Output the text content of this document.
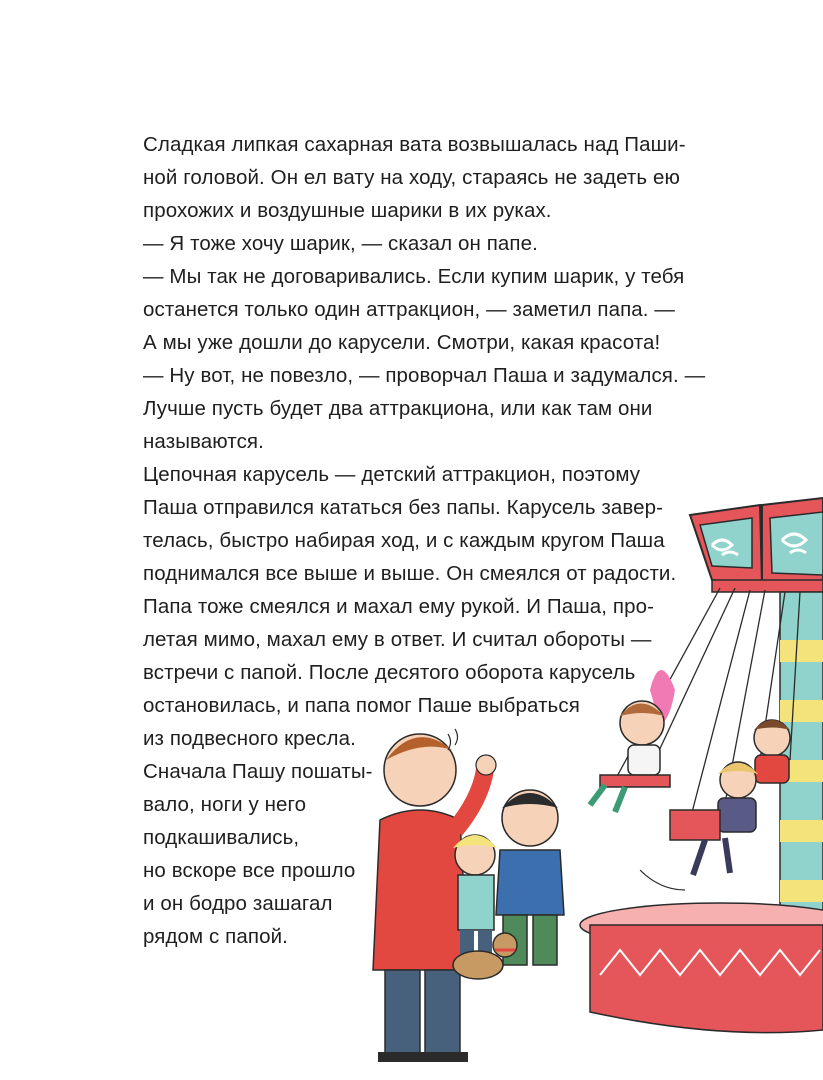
Сладкая липкая сахарная вата возвышалась над Паши-
ной головой. Он ел вату на ходу, стараясь не задеть ею
прохожих и воздушные шарики в их руках.
— Я тоже хочу шарик, — сказал он папе.
— Мы так не договаривались. Если купим шарик, у тебя
останется только один аттракцион, — заметил папа. —
А мы уже дошли до карусели. Смотри, какая красота!
— Ну вот, не повезло, — проворчал Паша и задумался. —
Лучше пусть будет два аттракциона, или как там они
называются.
Цепочная карусель — детский аттракцион, поэтому
Паша отправился кататься без папы. Карусель завер-
телась, быстро набирая ход, и с каждым кругом Паша
поднимался все выше и выше. Он смеялся от радости.
Папа тоже смеялся и махал ему рукой. И Паша, про-
летая мимо, махал ему в ответ. И считал обороты —
встречи с папой. После десятого оборота карусель
остановилась, и папа помог Паше выбраться
из подвесного кресла.
Сначала Пашу пошаты-
вало, ноги у него
подкашивались,
но вскоре все прошло
и он бодро зашагал
рядом с папой.
